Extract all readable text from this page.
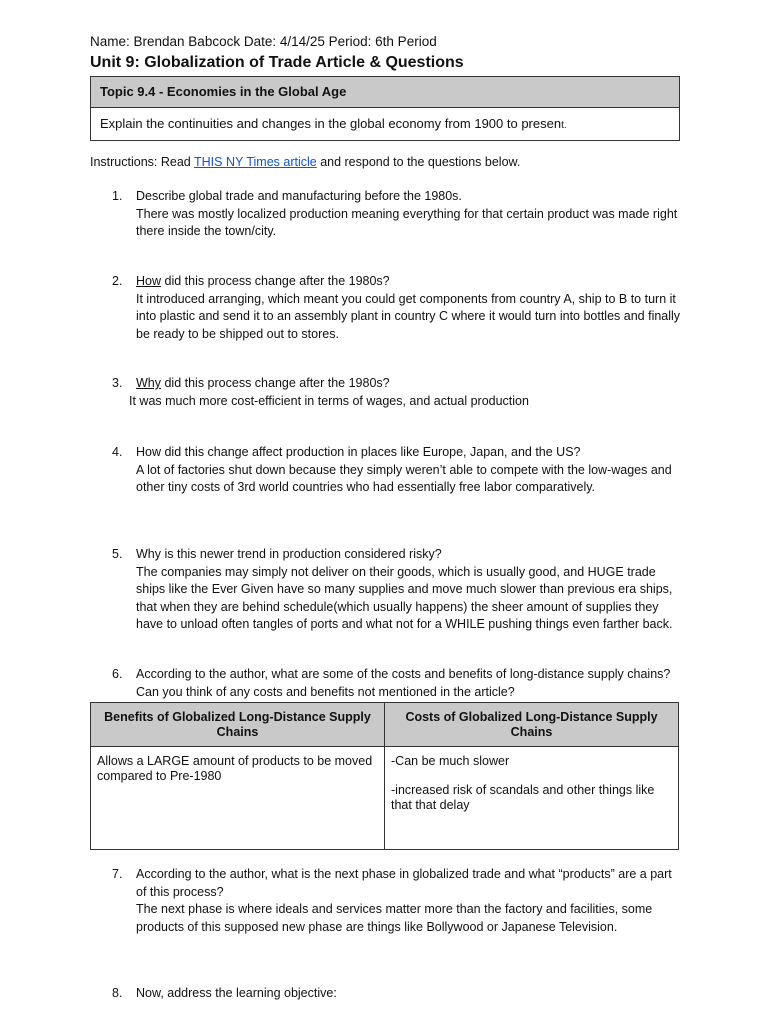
Name: Brendan Babcock Date: 4/14/25 Period: 6th Period
Unit 9: Globalization of Trade Article & Questions
Topic 9.4 - Economies in the Global Age
Explain the continuities and changes in the global economy from 1900 to present.
Instructions: Read THIS NY Times article and respond to the questions below.
1. Describe global trade and manufacturing before the 1980s.
There was mostly localized production meaning everything for that certain product was made right there inside the town/city.
2. How did this process change after the 1980s?
It introduced arranging, which meant you could get components from country A, ship to B to turn it into plastic and send it to an assembly plant in country C where it would turn into bottles and finally be ready to be shipped out to stores.
3. Why did this process change after the 1980s?
It was much more cost-efficient in terms of wages, and actual production
4. How did this change affect production in places like Europe, Japan, and the US?
A lot of factories shut down because they simply weren’t able to compete with the low-wages and other tiny costs of 3rd world countries who had essentially free labor comparatively.
5. Why is this newer trend in production considered risky?
The companies may simply not deliver on their goods, which is usually good, and HUGE trade ships like the Ever Given have so many supplies and move much slower than previous era ships, that when they are behind schedule(which usually happens) the sheer amount of supplies they have to unload often tangles of ports and what not for a WHILE pushing things even farther back.
6. According to the author, what are some of the costs and benefits of long-distance supply chains? Can you think of any costs and benefits not mentioned in the article?
Benefits of Globalized Long-Distance Supply Chains
Costs of Globalized Long-Distance Supply Chains

Allows a LARGE amount of products to be moved compared to Pre-1980

-Can be much slower

-increased risk of scandals and other things like that that delay

7. According to the author, what is the next phase in globalized trade and what “products” are a part of this process?
The next phase is where ideals and services matter more than the factory and facilities, some products of this supposed new phase are things like Bollywood or Japanese Television.
8. Now, address the learning objective:
